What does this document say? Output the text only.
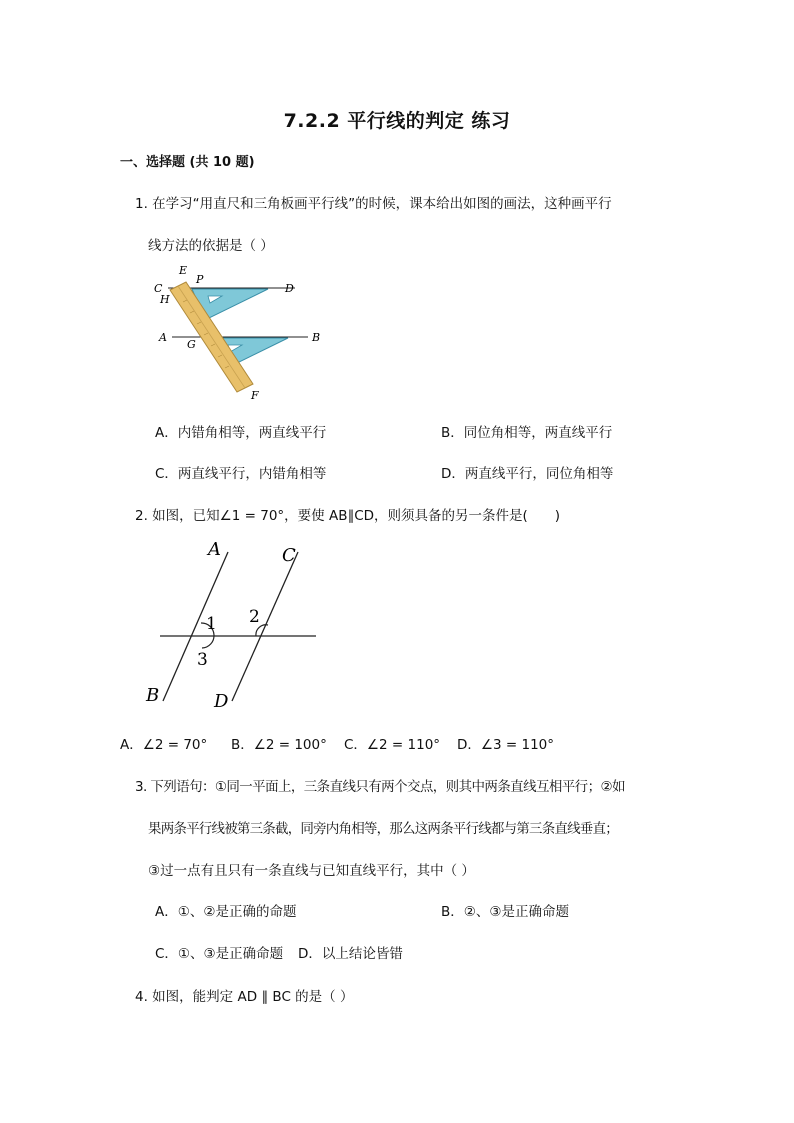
7.2.2 平行线的判定 练习
一、选择题 (共 10 题)
1. 在学习“用直尺和三角板画平行线”的时候，课本给出如图的画法，这种画平行
线方法的依据是（ ）
E
P
C
H
D
A
G
B
F
A．内错角相等，两直线平行	B．同位角相等，两直线平行
C．两直线平行，内错角相等	D．两直线平行，同位角相等
2. 如图，已知∠1 = 70°，要使 AB∥CD，则须具备的另一条件是(　　)
A	C
B	D
1 2
3
A．∠2 = 70° B．∠2 = 100° C．∠2 = 110° D．∠3 = 110°
3. 下列语句：①同一平面上，三条直线只有两个交点，则其中两条直线互相平行；②如
果两条平行线被第三条截，同旁内角相等，那么这两条平行线都与第三条直线垂直；
③过一点有且只有一条直线与已知直线平行，其中（ ）
A．①、②是正确的命题	B．②、③是正确命题
C．①、③是正确命题 D．以上结论皆错
4. 如图，能判定 AD ∥ BC 的是（ ）
